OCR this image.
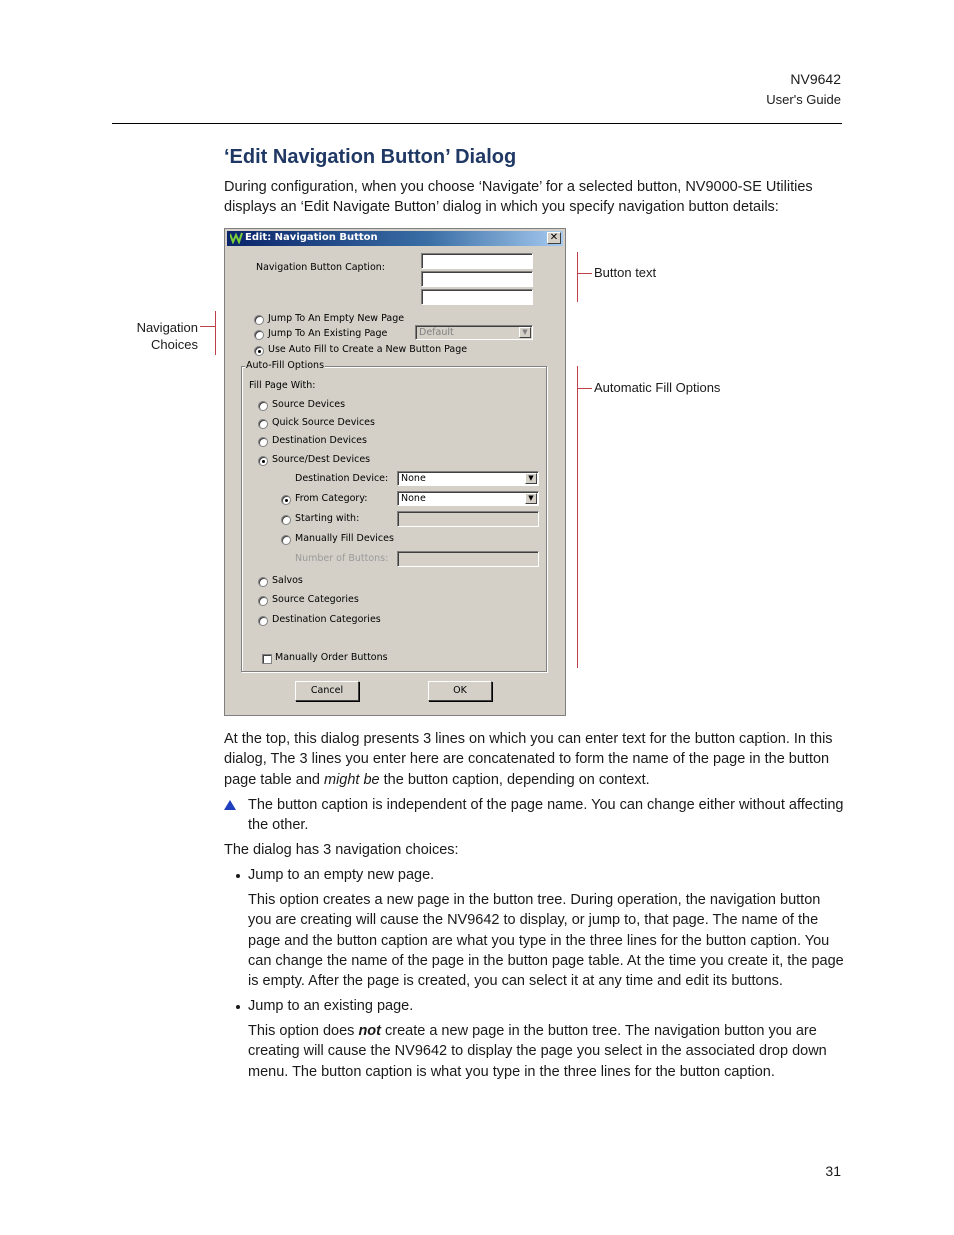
NV9642
User's Guide
‘Edit Navigation Button’ Dialog
During configuration, when you choose ‘Navigate’ for a selected button, NV9000-SE Utilities displays an ‘Edit Navigate Button’ dialog in which you specify navigation button details:
Edit: Navigation Button	✕
Navigation Button Caption:
Jump To An Empty New Page
Jump To An Existing Page	Default	▼
Use Auto Fill to Create a New Button Page
Auto-Fill Options
Fill Page With:
Source Devices
Quick Source Devices
Destination Devices
Source/Dest Devices
Destination Device: None	▼
From Category:	None	▼
Starting with:
Manually Fill Devices
Number of Buttons:
Salvos
Source Categories
Destination Categories
Manually Order Buttons
Cancel	OK
Navigation
Choices
Button text
Automatic Fill Options
At the top, this dialog presents 3 lines on which you can enter text for the button caption. In this dialog, The 3 lines you enter here are concatenated to form the name of the page in the button page table and might be the button caption, depending on context.
The button caption is independent of the page name. You can change either without affecting the other.
The dialog has 3 navigation choices:
Jump to an empty new page.
This option creates a new page in the button tree. During operation, the navigation button you are creating will cause the NV9642 to display, or jump to, that page. The name of the page and the button caption are what you type in the three lines for the button caption. You can change the name of the page in the button page table. At the time you create it, the page is empty. After the page is created, you can select it at any time and edit its buttons.
Jump to an existing page.
This option does not create a new page in the button tree. The navigation button you are creating will cause the NV9642 to display the page you select in the associated drop down menu. The button caption is what you type in the three lines for the button caption.
31
